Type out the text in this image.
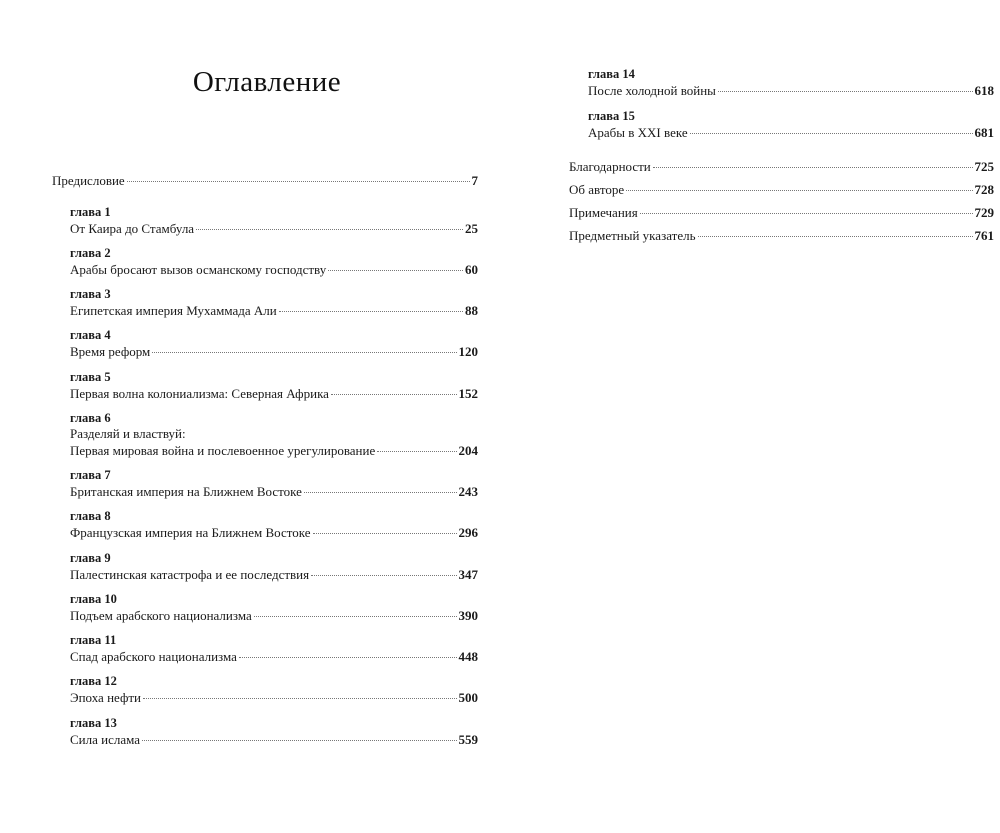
Оглавление
Предисловие	7
глава 1
От Каира до Стамбула	25
глава 2
Арабы бросают вызов османскому господству	60
глава 3
Египетская империя Мухаммада Али	88
глава 4
Время реформ	120
глава 5
Первая волна колониализма: Северная Африка	152
глава 6
Разделяй и властвуй:
Первая мировая война и послевоенное урегулирование	204
глава 7
Британская империя на Ближнем Востоке	243
глава 8
Французская империя на Ближнем Востоке	296
глава 9
Палестинская катастрофа и ее последствия	347
глава 10
Подъем арабского национализма	390
глава 11
Спад арабского национализма	448
глава 12
Эпоха нефти	500
глава 13
Сила ислама	559
глава 14
После холодной войны	618
глава 15
Арабы в XXI веке	681
Благодарности	725
Об авторе	728
Примечания	729
Предметный указатель	761
